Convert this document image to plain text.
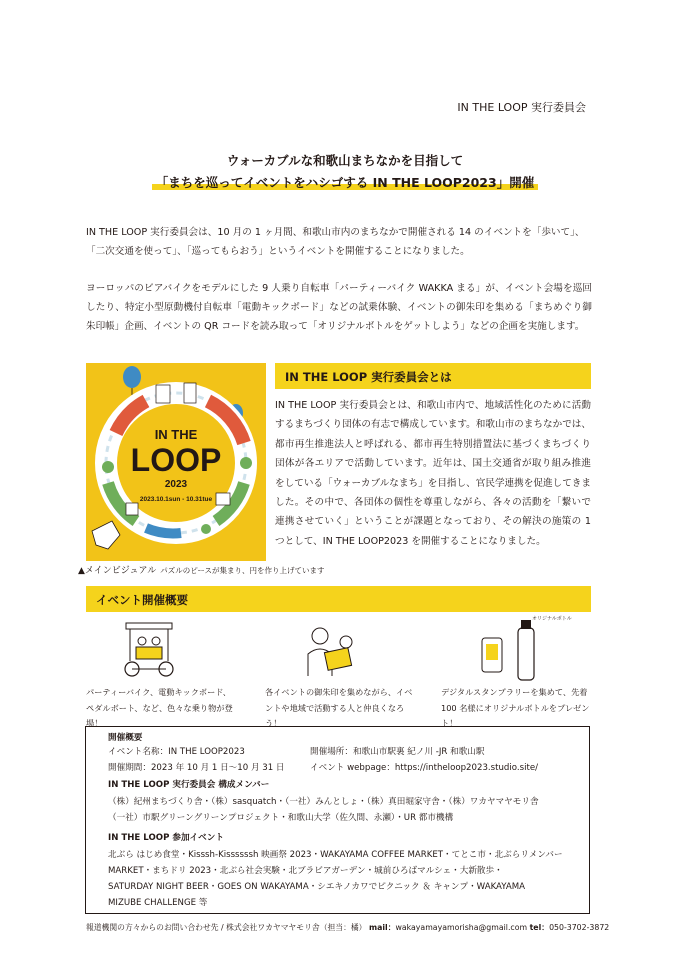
IN THE LOOP 実行委員会
ウォーカブルな和歌山まちなかを目指して
「まちを巡ってイベントをハシゴする IN THE LOOP2023」開催
IN THE LOOP 実行委員会は、10 月の 1 ヶ月間、和歌山市内のまちなかで開催される 14 のイベントを「歩いて」、「二次交通を使って」、「巡ってもらおう」というイベントを開催することになりました。
ヨーロッパのビアバイクをモデルにした 9 人乗り自転車「パーティーバイク WAKKA まる」が、イベント会場を巡回したり、特定小型原動機付自転車「電動キックボード」などの試乗体験、イベントの御朱印を集める「まちめぐり御朱印帳」企画、イベントの QR コードを読み取って「オリジナルボトルをゲットしよう」などの企画を実施します。
IN THE
LOOP
2023
2023.10.1sun - 10.31tue
▲メインビジュアル パズルのピースが集まり、円を作り上げています
IN THE LOOP 実行委員会とは
IN THE LOOP 実行委員会とは、和歌山市内で、地域活性化のために活動するまちづくり団体の有志で構成しています。和歌山市のまちなかでは、都市再生推進法人と呼ばれる、都市再生特別措置法に基づくまちづくり団体が各エリアで活動しています。近年は、国土交通省が取り組み推進をしている「ウォーカブルなまち」を目指し、官民学連携を促進してきました。その中で、各団体の個性を尊重しながら、各々の活動を「繋いで連携させていく」ということが課題となっており、その解決の施策の 1 つとして、IN THE LOOP2023 を開催することになりました。
イベント開催概要
オリジナルボトル
パーティーバイク、電動キックボード、ペダルボート、など、色々な乗り物が登場！
各イベントの御朱印を集めながら、イベントや地域で活動する人と仲良くなろう！
デジタルスタンプラリーを集めて、先着 100 名様にオリジナルボトルをプレゼント！
開催概要
イベント名称：IN THE LOOP2023	開催場所：和歌山市駅裏 紀ノ川 -JR 和歌山駅
開催期間：2023 年 10 月 1 日〜10 月 31 日	イベント webpage：https://intheloop2023.studio.site/
IN THE LOOP 実行委員会 構成メンバー
（株）紀州まちづくり舎・（株）sasquatch・（一社）みんとしょ・（株）真田堀家守舎・（株）ワカヤマヤモリ舎
（一社）市駅グリーングリーンプロジェクト・和歌山大学（佐久間、永瀬）・UR 都市機構
IN THE LOOP 参加イベント
北ぶら はじめ食堂・Kisssh-Kissssssh 映画祭 2023・WAKAYAMA COFFEE MARKET・てとこ市・北ぶらリメンバー
MARKET・まちドリ 2023・北ぶら社会実験・北ブラビアガーデン・城前ひろばマルシェ・大新散歩・
SATURDAY NIGHT BEER・GOES ON WAKAYAMA・シエキノカワでピクニック ＆ キャンプ・WAKAYAMA
MIZUBE CHALLENGE 等
報道機関の方々からのお問い合わせ先 / 株式会社ワカヤマヤモリ舎（担当：橘） mail：wakayamayamorisha@gmail.com tel：050-3702-3872
